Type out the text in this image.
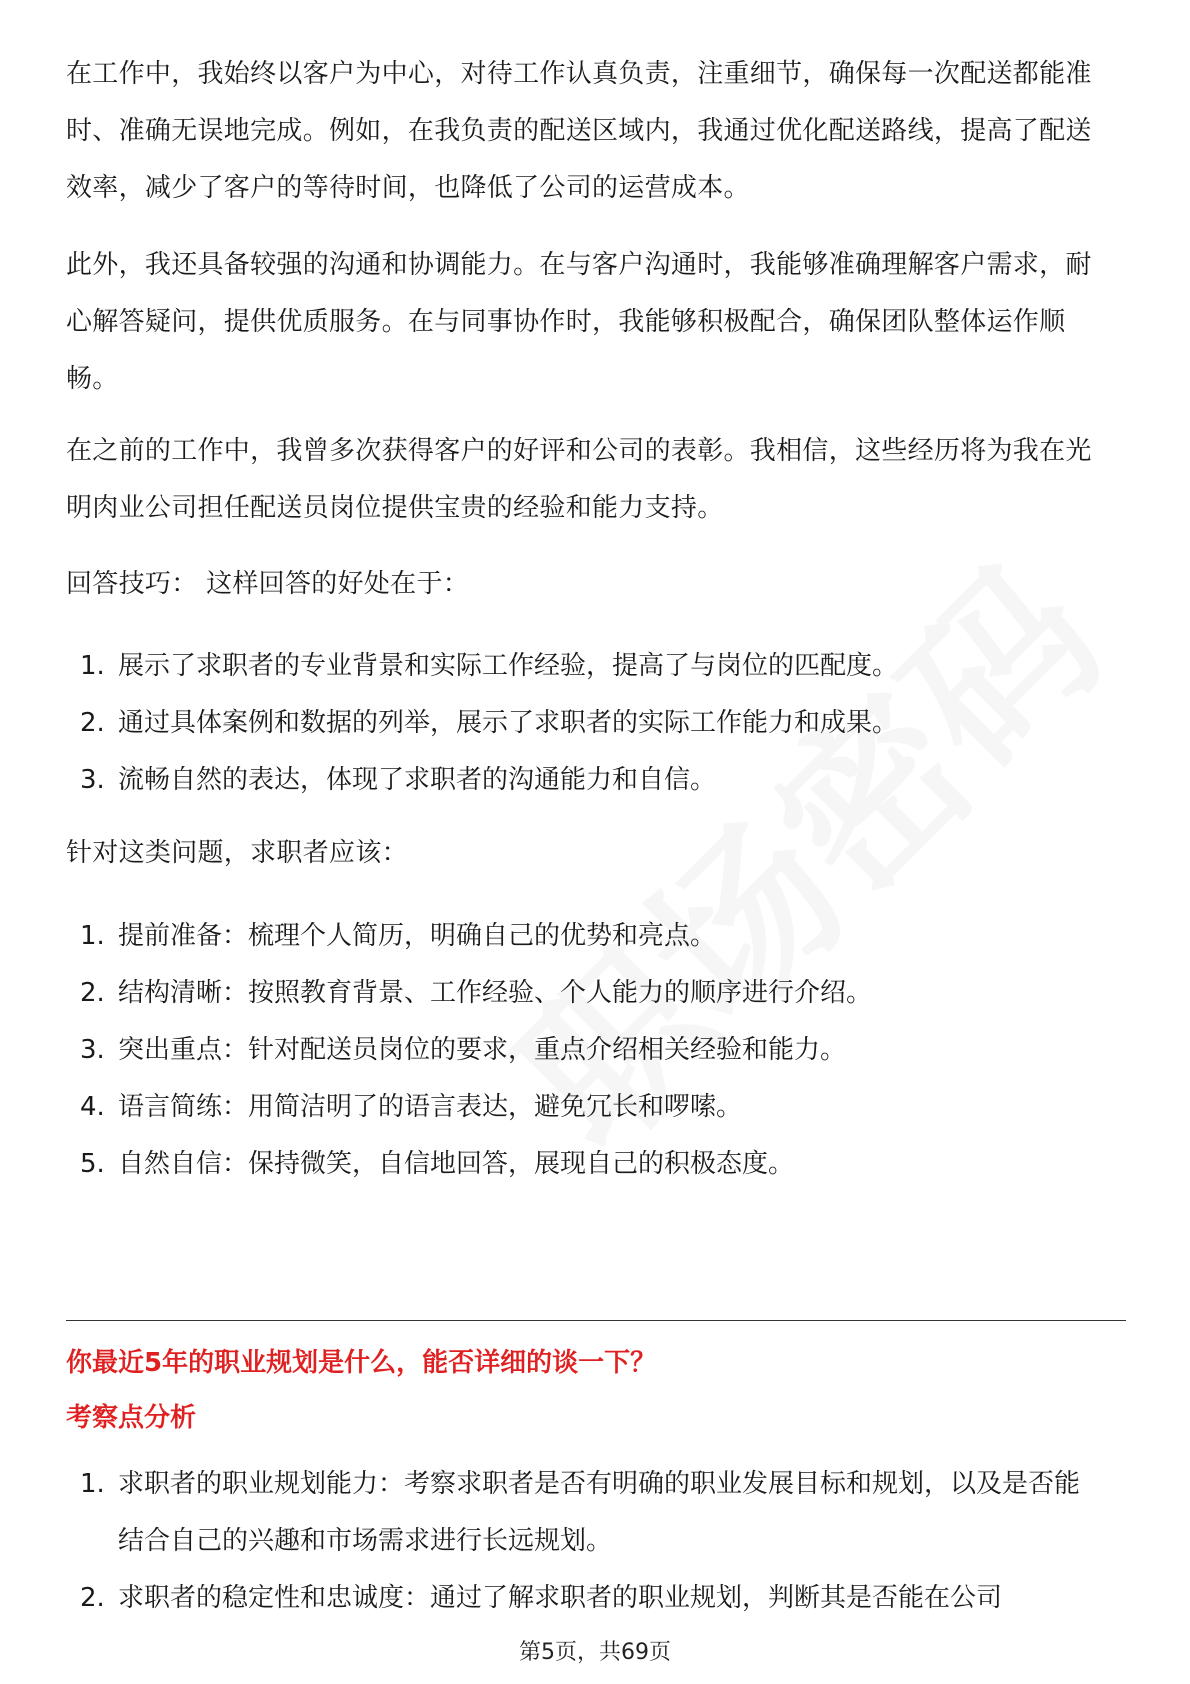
在工作中，我始终以客户为中心，对待工作认真负责，注重细节，确保每一次配送都能准时、准确无误地完成。例如，在我负责的配送区域内，我通过优化配送路线，提高了配送效率，减少了客户的等待时间，也降低了公司的运营成本。

此外，我还具备较强的沟通和协调能力。在与客户沟通时，我能够准确理解客户需求，耐心解答疑问，提供优质服务。在与同事协作时，我能够积极配合，确保团队整体运作顺畅。

在之前的工作中，我曾多次获得客户的好评和公司的表彰。我相信，这些经历将为我在光明肉业公司担任配送员岗位提供宝贵的经验和能力支持。

回答技巧： 这样回答的好处在于：

1. 展示了求职者的专业背景和实际工作经验，提高了与岗位的匹配度。
2. 通过具体案例和数据的列举，展示了求职者的实际工作能力和成果。
3. 流畅自然的表达，体现了求职者的沟通能力和自信。

针对这类问题，求职者应该：

1. 提前准备：梳理个人简历，明确自己的优势和亮点。
2. 结构清晰：按照教育背景、工作经验、个人能力的顺序进行介绍。
3. 突出重点：针对配送员岗位的要求，重点介绍相关经验和能力。
4. 语言简练：用简洁明了的语言表达，避免冗长和啰嗦。
5. 自然自信：保持微笑，自信地回答，展现自己的积极态度。

你最近5年的职业规划是什么，能否详细的谈一下？

考察点分析

1. 求职者的职业规划能力：考察求职者是否有明确的职业发展目标和规划，以及是否能结合自己的兴趣和市场需求进行长远规划。
2. 求职者的稳定性和忠诚度：通过了解求职者的职业规划，判断其是否能在公司
第5页，共69页
